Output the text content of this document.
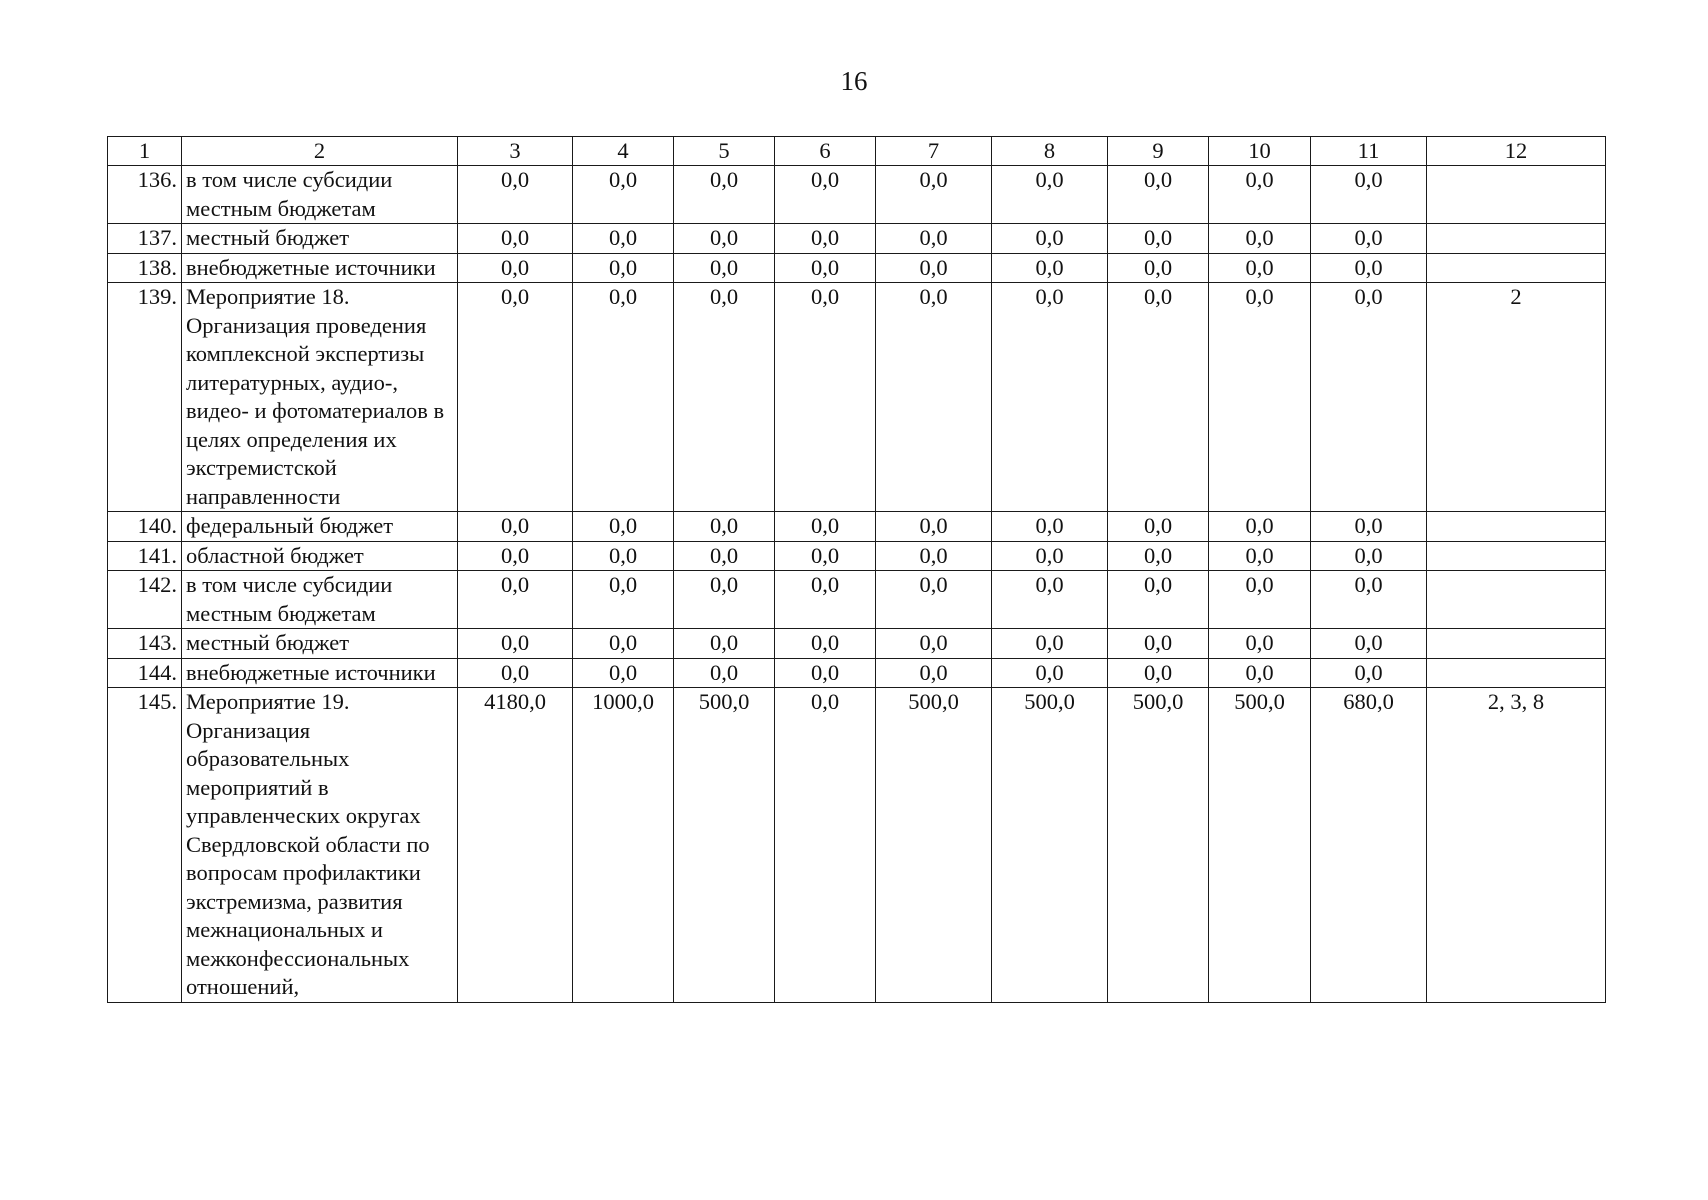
16
1	2	3	4	5	6	7	8	9	10	11	12
136.	в том числе субсидии местным бюджетам	0,0	0,0	0,0	0,0	0,0	0,0	0,0	0,0	0,0	
137.	местный бюджет	0,0	0,0	0,0	0,0	0,0	0,0	0,0	0,0	0,0	
138.	внебюджетные источники	0,0	0,0	0,0	0,0	0,0	0,0	0,0	0,0	0,0	
139.	Мероприятие 18. Организация проведения комплексной экспертизы литературных, аудио-, видео- и фотоматериалов в целях определения их экстремистской направленности	0,0	0,0	0,0	0,0	0,0	0,0	0,0	0,0	0,0	2
140.	федеральный бюджет	0,0	0,0	0,0	0,0	0,0	0,0	0,0	0,0	0,0	
141.	областной бюджет	0,0	0,0	0,0	0,0	0,0	0,0	0,0	0,0	0,0	
142.	в том числе субсидии местным бюджетам	0,0	0,0	0,0	0,0	0,0	0,0	0,0	0,0	0,0	
143.	местный бюджет	0,0	0,0	0,0	0,0	0,0	0,0	0,0	0,0	0,0	
144.	внебюджетные источники	0,0	0,0	0,0	0,0	0,0	0,0	0,0	0,0	0,0	
145.	Мероприятие 19. Организация образовательных мероприятий в управленческих округах Свердловской области по вопросам профилактики экстремизма, развития межнациональных и межконфессиональных отношений,	4180,0	1000,0	500,0	0,0	500,0	500,0	500,0	500,0	680,0	2, 3, 8
